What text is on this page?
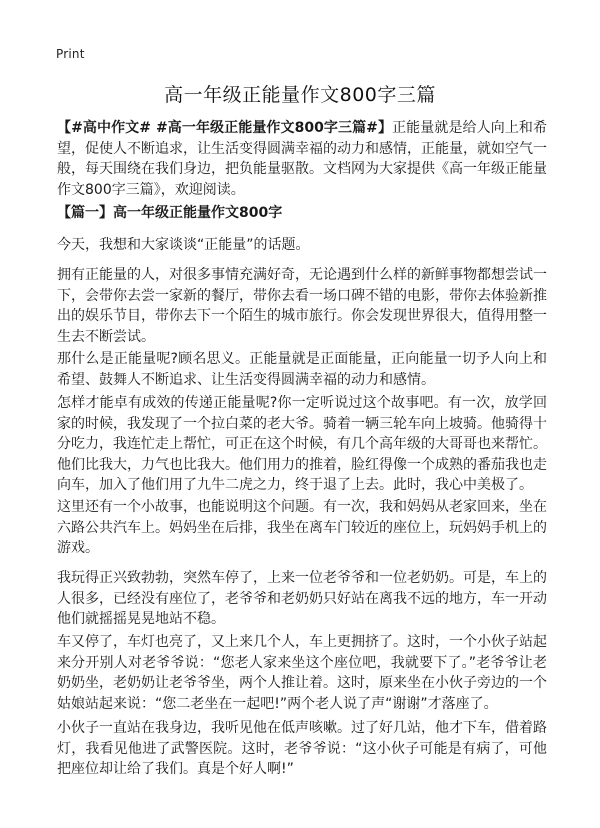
Print
高一年级正能量作文800字三篇
【#高中作文# #高一年级正能量作文800字三篇#】正能量就是给人向上和希望，促使人不断追求，让生活变得圆满幸福的动力和感情，正能量，就如空气一般，每天围绕在我们身边，把负能量驱散。文档网为大家提供《高一年级正能量作文800字三篇》，欢迎阅读。
【篇一】高一年级正能量作文800字
今天，我想和大家谈谈“正能量”的话题。
拥有正能量的人，对很多事情充满好奇，无论遇到什么样的新鲜事物都想尝试一下，会带你去尝一家新的餐厅，带你去看一场口碑不错的电影，带你去体验新推出的娱乐节目，带你去下一个陌生的城市旅行。你会发现世界很大，值得用整一生去不断尝试。
那什么是正能量呢?顾名思义。正能量就是正面能量，正向能量一切予人向上和希望、鼓舞人不断追求、让生活变得圆满幸福的动力和感情。
怎样才能卓有成效的传递正能量呢?你一定听说过这个故事吧。有一次，放学回家的时候，我发现了一个拉白菜的老大爷。骑着一辆三轮车向上坡骑。他骑得十分吃力，我连忙走上帮忙，可正在这个时候，有几个高年级的大哥哥也来帮忙。他们比我大，力气也比我大。他们用力的推着，脸红得像一个成熟的番茄我也走向车，加入了他们用了九牛二虎之力，终于退了上去。此时，我心中美极了。
这里还有一个小故事，也能说明这个问题。有一次，我和妈妈从老家回来，坐在六路公共汽车上。妈妈坐在后排，我坐在离车门较近的座位上，玩妈妈手机上的游戏。
我玩得正兴致勃勃，突然车停了，上来一位老爷爷和一位老奶奶。可是，车上的人很多，已经没有座位了，老爷爷和老奶奶只好站在离我不远的地方，车一开动他们就摇摇晃晃地站不稳。
车又停了，车灯也亮了，又上来几个人，车上更拥挤了。这时，一个小伙子站起来分开别人对老爷爷说：“您老人家来坐这个座位吧，我就要下了。”老爷爷让老奶奶坐，老奶奶让老爷爷坐，两个人推让着。这时，原来坐在小伙子旁边的一个姑娘站起来说：“您二老坐在一起吧!”两个老人说了声“谢谢”才落座了。
小伙子一直站在我身边，我听见他在低声咳嗽。过了好几站，他才下车，借着路灯，我看见他进了武警医院。这时，老爷爷说：“这小伙子可能是有病了，可他把座位却让给了我们。真是个好人啊!”
